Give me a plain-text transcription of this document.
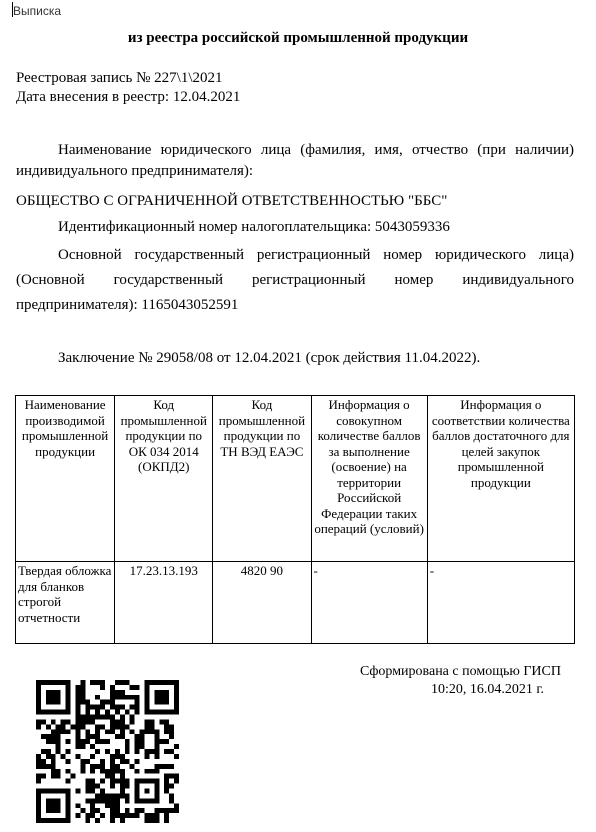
Выписка
из реестра российской промышленной продукции
Реестровая запись № 227\1\2021
Дата внесения в реестр: 12.04.2021
Наименование юридического лица (фамилия, имя, отчество (при наличии) индивидуального предпринимателя):
ОБЩЕСТВО С ОГРАНИЧЕННОЙ ОТВЕТСТВЕННОСТЬЮ "ББС"
Идентификационный номер налогоплательщика: 5043059336
Основной государственный регистрационный номер юридического лица) (Основной государственный регистрационный номер индивидуального предпринимателя): 1165043052591
Заключение № 29058/08 от 12.04.2021 (срок действия 11.04.2022).
Наименование производимой промышленной продукции	Код промышленной продукции по ОК 034 2014 (ОКПД2)	Код промышленной продукции по ТН ВЭД ЕАЭС	Информация о совокупном количестве баллов за выполнение (освоение) на территории Российской Федерации таких операций (условий)	Информация о соответствии количества баллов достаточного для целей закупок промышленной продукции
Твердая обложка для бланков строгой отчетности	17.23.13.193	4820 90	-	-
Сформирована с помощью ГИСП
10:20, 16.04.2021 г.
